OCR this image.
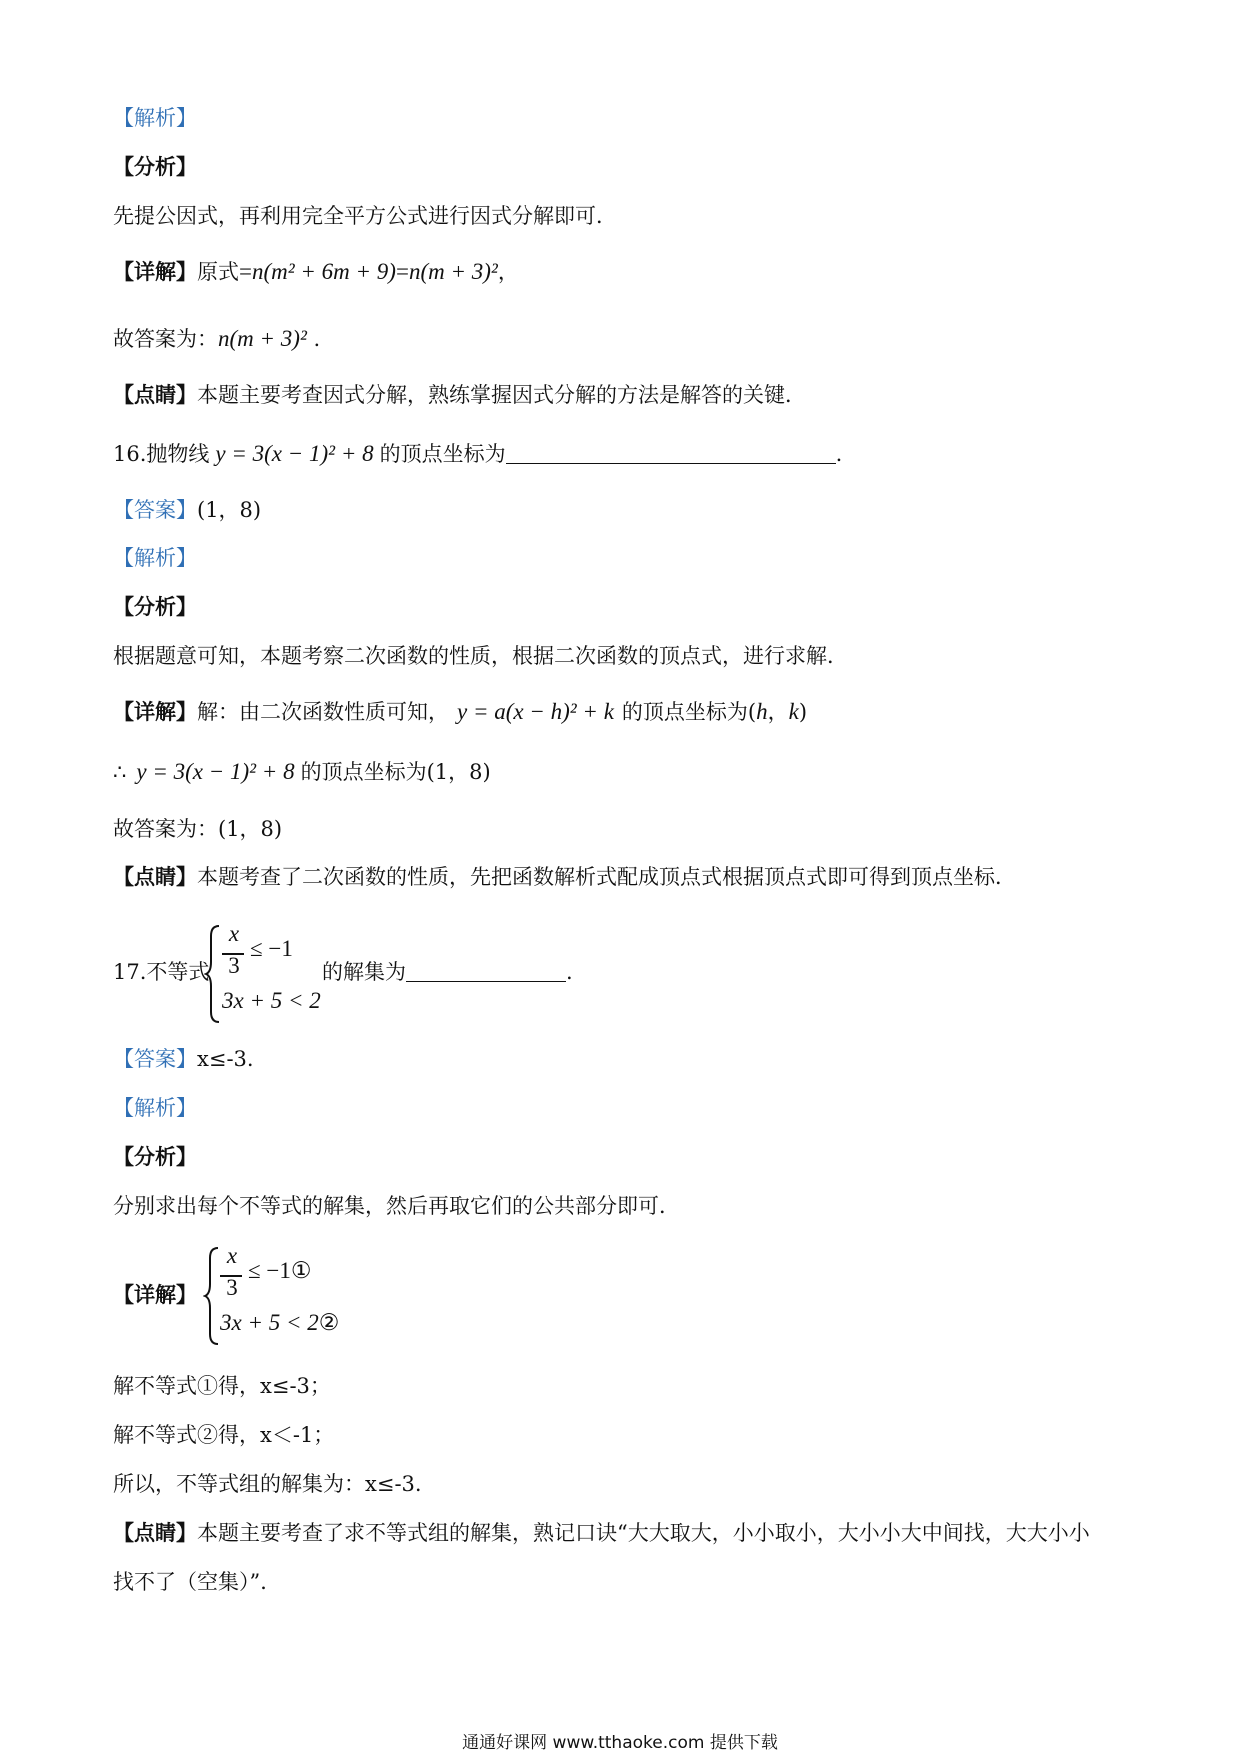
【解析】
【分析】
先提公因式，再利用完全平方公式进行因式分解即可．
【详解】原式=n(m² + 6m + 9)=n(m + 3)²，
故答案为：n(m + 3)² .
【点睛】本题主要考查因式分解，熟练掌握因式分解的方法是解答的关键．
16.抛物线 y = 3(x − 1)² + 8 的顶点坐标为	.
【答案】(1，8)
【解析】
【分析】
根据题意可知，本题考察二次函数的性质，根据二次函数的顶点式，进行求解．
【详解】解：由二次函数性质可知， y = a(x − h)² + k 的顶点坐标为(h，k)
∴ y = 3(x − 1)² + 8 的顶点坐标为(1，8)
故答案为：(1，8)
【点睛】本题考查了二次函数的性质，先把函数解析式配成顶点式根据顶点式即可得到顶点坐标．
17.不等式
x
3
≤ −1
3x + 5 < 2
的解集为	.
【答案】x≤-3.
【解析】
【分析】
分别求出每个不等式的解集，然后再取它们的公共部分即可．
【详解】
x
3
≤ −1①
3x + 5 < 2②
解不等式①得，x≤-3；
解不等式②得，x＜-1；
所以，不等式组的解集为：x≤-3.
【点睛】本题主要考查了求不等式组的解集，熟记口诀“大大取大，小小取小，大小小大中间找，大大小小
找不了（空集）”．
通通好课网 www.tthaoke.com 提供下载
